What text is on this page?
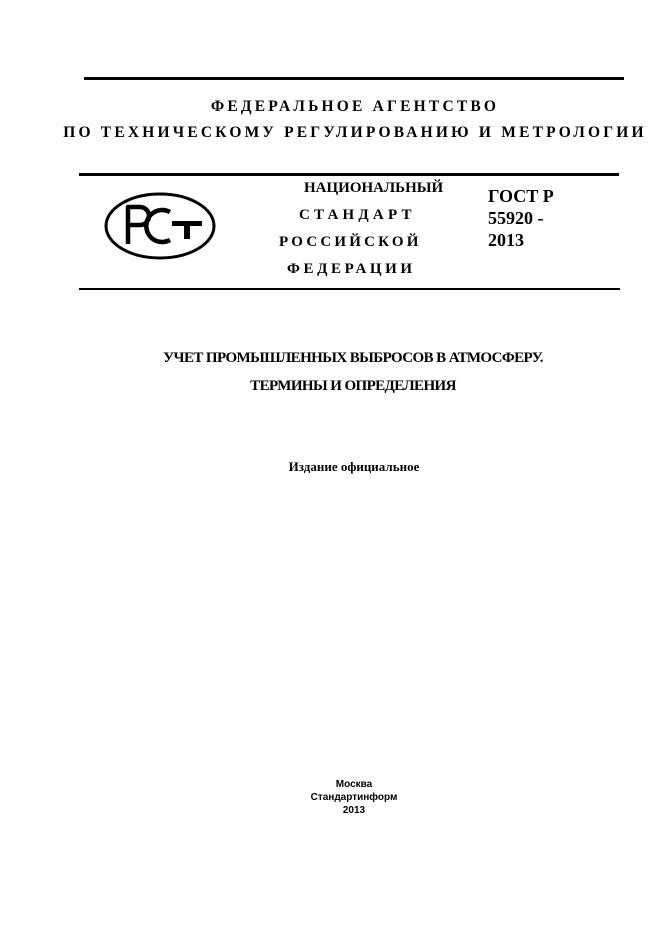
ФЕДЕРАЛЬНОЕ АГЕНТСТВО
ПО ТЕХНИЧЕСКОМУ РЕГУЛИРОВАНИЮ И МЕТРОЛОГИИ
НАЦИОНАЛЬНЫЙ
СТАНДАРТ
РОССИЙСКОЙ
ФЕДЕРАЦИИ
ГОСТ Р
55920 -
2013
УЧЕТ ПРОМЫШЛЕННЫХ ВЫБРОСОВ В АТМОСФЕРУ.
ТЕРМИНЫ И ОПРЕДЕЛЕНИЯ
Издание официальное
Москва
Стандартинформ
2013
